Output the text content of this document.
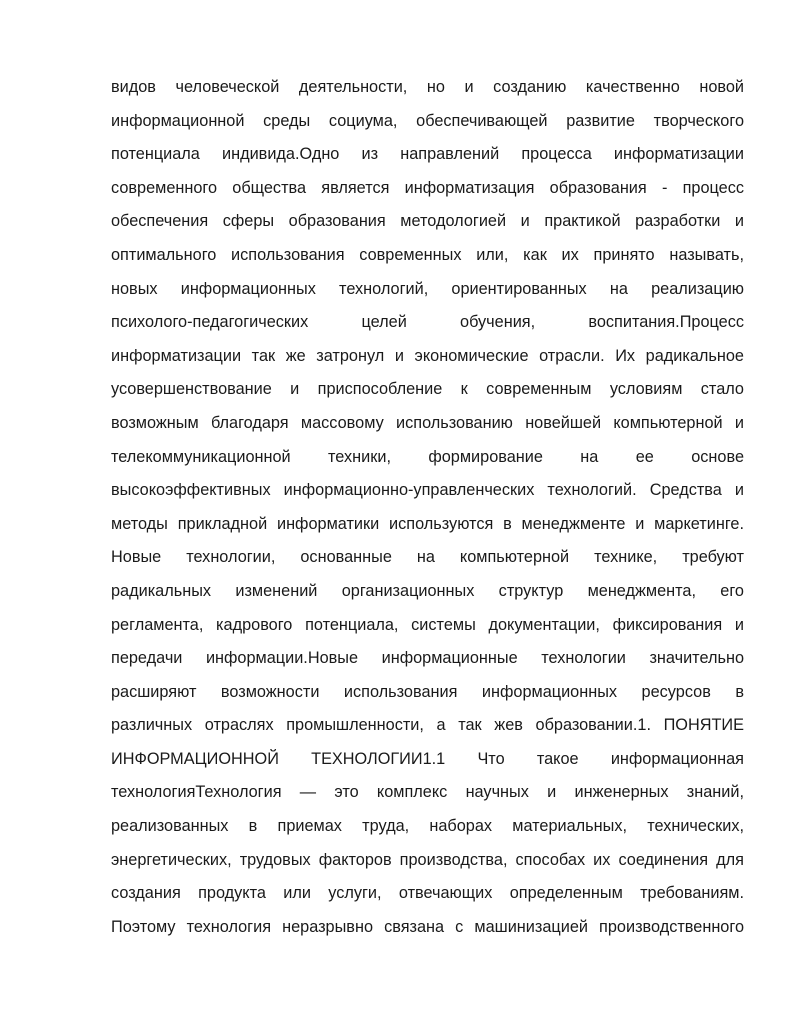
видов человеческой деятельности, но и созданию качественно новой
информационной среды социума, обеспечивающей развитие творческого
потенциала индивида.Одно из направлений процесса информатизации
современного общества является информатизация образования - процесс
обеспечения сферы образования методологией и практикой разработки и
оптимального использования современных или, как их принято называть,
новых информационных технологий, ориентированных на реализацию
психолого-педагогических целей обучения, воспитания.Процесс
информатизации так же затронул и экономические отрасли. Их радикальное
усовершенствование и приспособление к современным условиям стало
возможным благодаря массовому использованию новейшей компьютерной и
телекоммуникационной техники, формирование на ее основе
высокоэффективных информационно-управленческих технологий. Средства и
методы прикладной информатики используются в менеджменте и маркетинге.
Новые технологии, основанные на компьютерной технике, требуют
радикальных изменений организационных структур менеджмента, его
регламента, кадрового потенциала, системы документации, фиксирования и
передачи информации.Новые информационные технологии значительно
расширяют возможности использования информационных ресурсов в
различных отраслях промышленности, а так жев образовании.1. ПОНЯТИЕ
ИНФОРМАЦИОННОЙ ТЕХНОЛОГИИ1.1 Что такое информационная
технологияТехнология — это комплекс научных и инженерных знаний,
реализованных в приемах труда, наборах материальных, технических,
энергетических, трудовых факторов производства, способах их соединения для
создания продукта или услуги, отвечающих определенным требованиям.
Поэтому технология неразрывно связана с машинизацией производственного
